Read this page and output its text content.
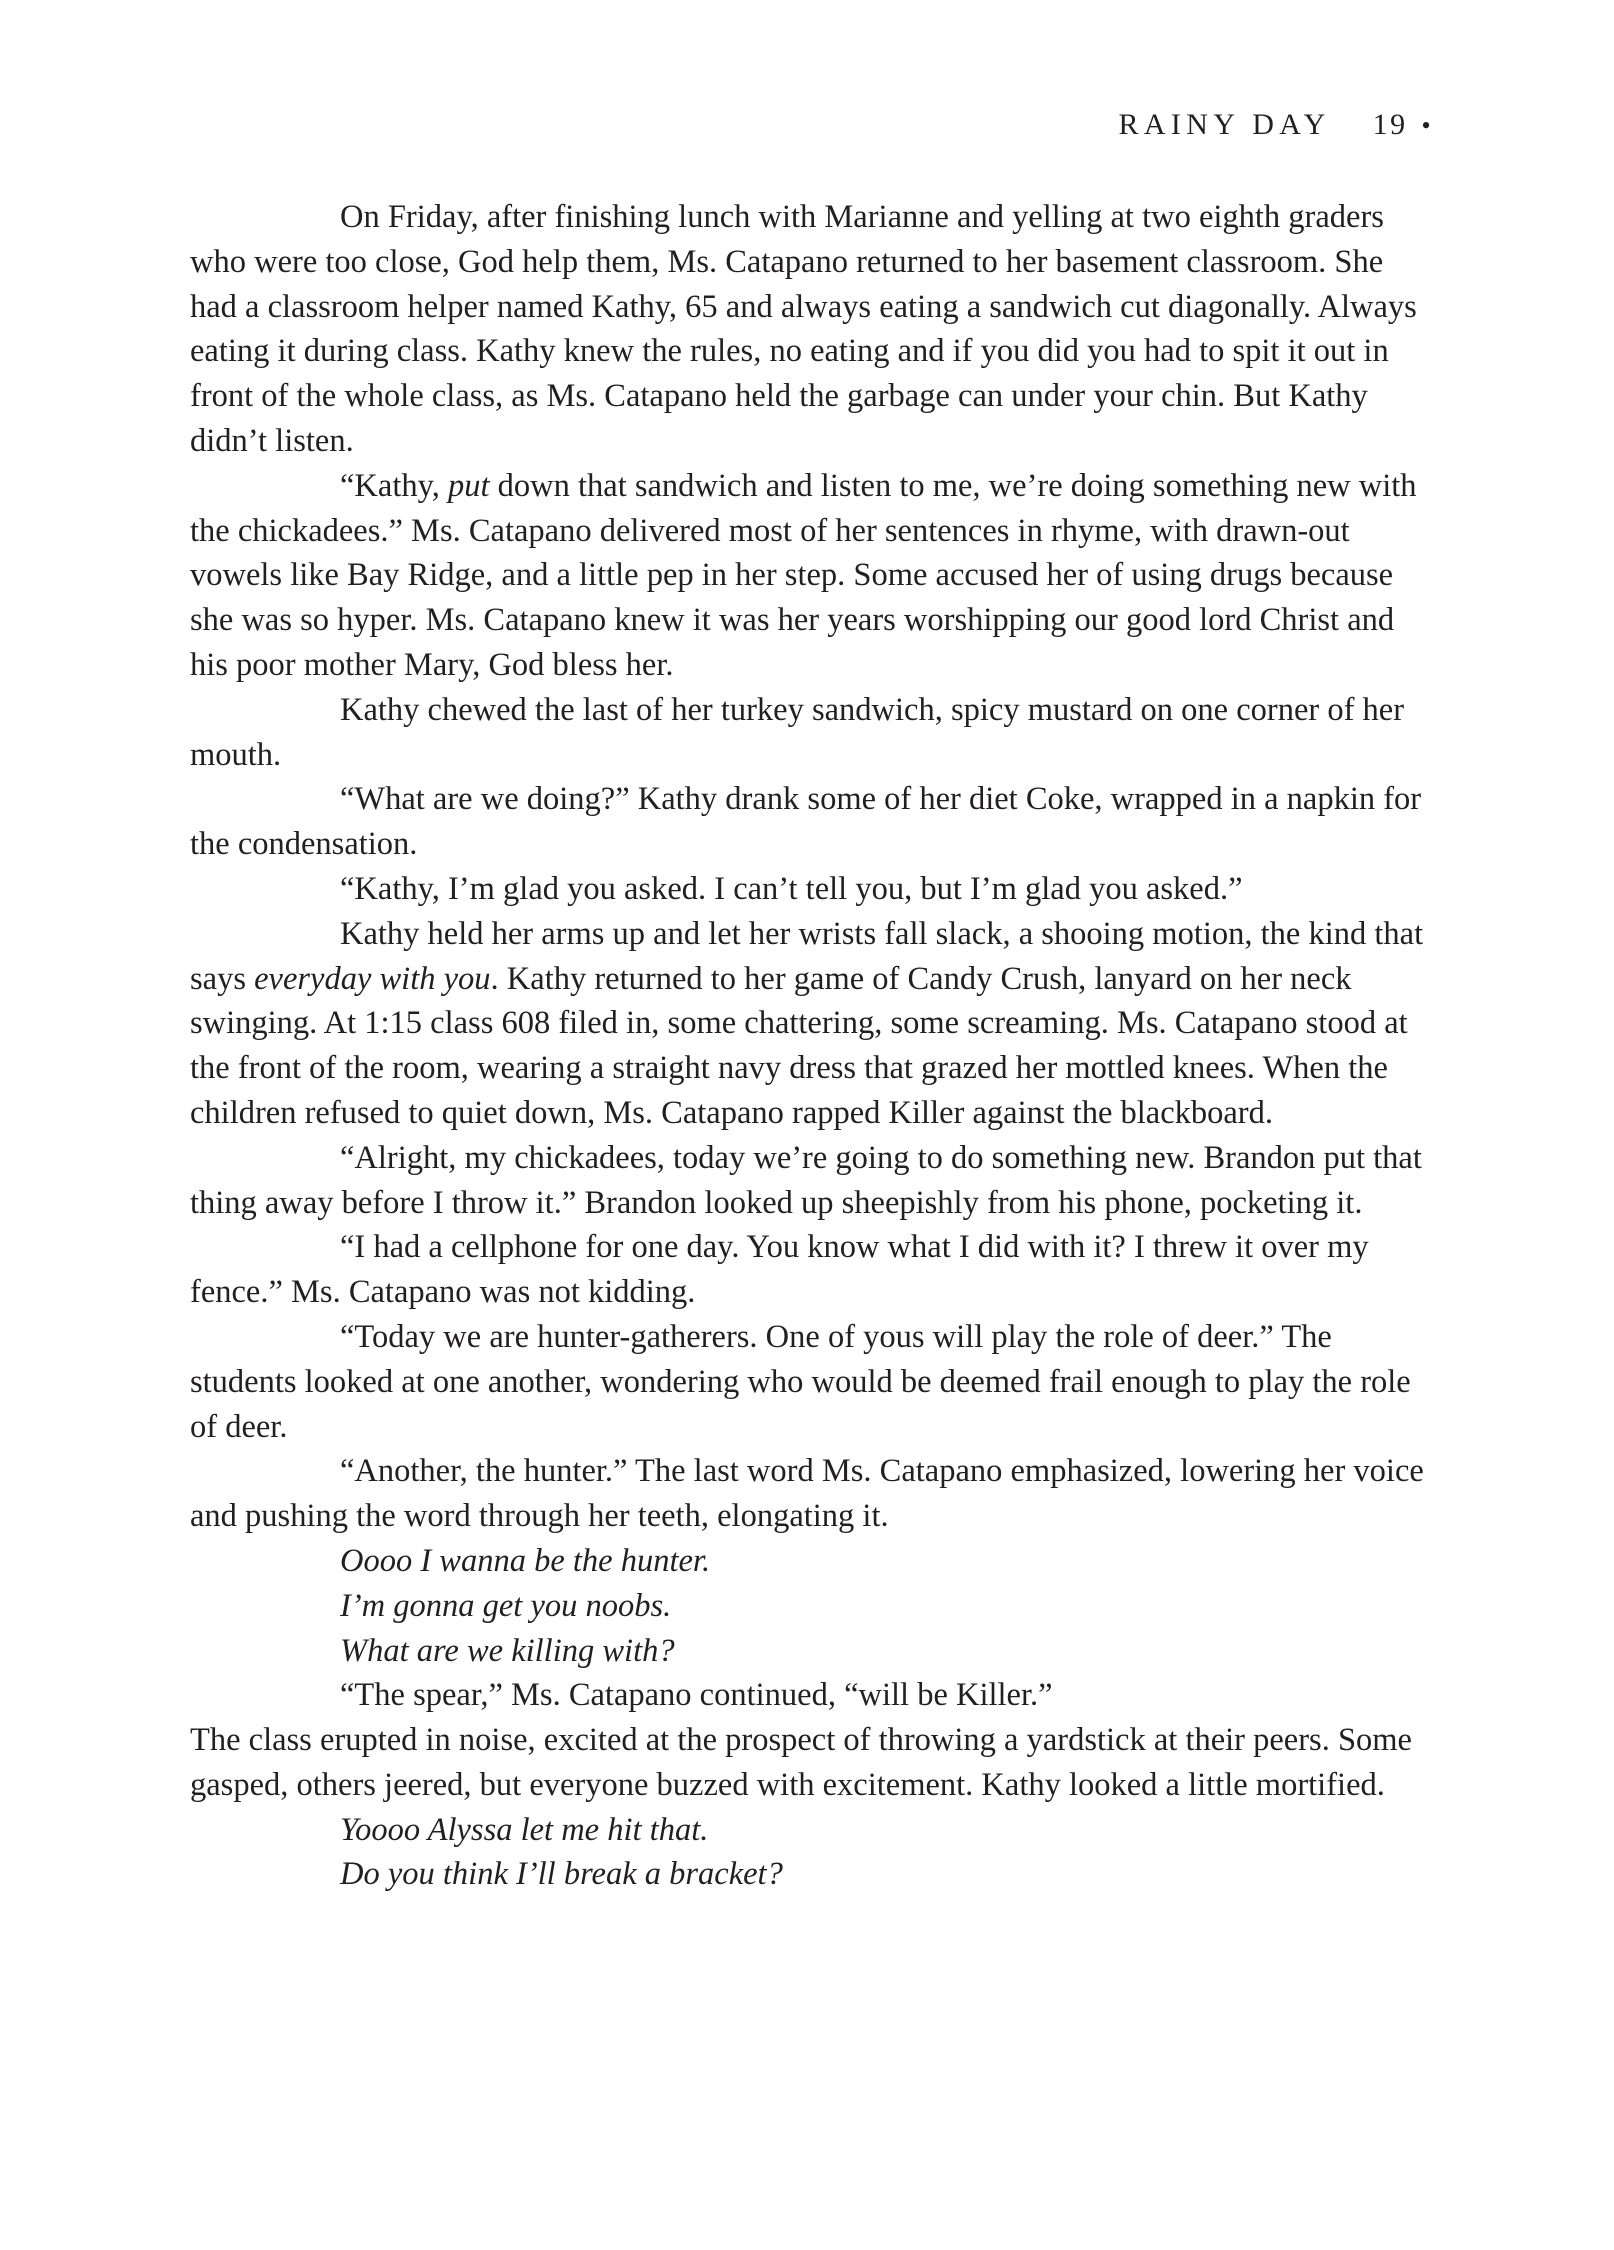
RAINY DAY 19 •

On Friday, after finishing lunch with Marianne and yelling at two eighth graders who were too close, God help them, Ms. Catapano returned to her basement classroom. She had a classroom helper named Kathy, 65 and always eating a sandwich cut diagonally. Always eating it during class. Kathy knew the rules, no eating and if you did you had to spit it out in front of the whole class, as Ms. Catapano held the garbage can under your chin. But Kathy didn’t listen.

“Kathy, put down that sandwich and listen to me, we’re doing something new with the chickadees.” Ms. Catapano delivered most of her sentences in rhyme, with drawn-out vowels like Bay Ridge, and a little pep in her step. Some accused her of using drugs because she was so hyper. Ms. Catapano knew it was her years worshipping our good lord Christ and his poor mother Mary, God bless her.

Kathy chewed the last of her turkey sandwich, spicy mustard on one corner of her mouth.

“What are we doing?” Kathy drank some of her diet Coke, wrapped in a napkin for the condensation.

“Kathy, I’m glad you asked. I can’t tell you, but I’m glad you asked.”

Kathy held her arms up and let her wrists fall slack, a shooing motion, the kind that says everyday with you. Kathy returned to her game of Candy Crush, lanyard on her neck swinging. At 1:15 class 608 filed in, some chattering, some screaming. Ms. Catapano stood at the front of the room, wearing a straight navy dress that grazed her mottled knees. When the children refused to quiet down, Ms. Catapano rapped Killer against the blackboard.

“Alright, my chickadees, today we’re going to do something new. Brandon put that thing away before I throw it.” Brandon looked up sheepishly from his phone, pocketing it.

“I had a cellphone for one day. You know what I did with it? I threw it over my fence.” Ms. Catapano was not kidding.

“Today we are hunter-gatherers. One of yous will play the role of deer.” The students looked at one another, wondering who would be deemed frail enough to play the role of deer.

“Another, the hunter.” The last word Ms. Catapano emphasized, lowering her voice and pushing the word through her teeth, elongating it.

Oooo I wanna be the hunter.

I’m gonna get you noobs.

What are we killing with?

“The spear,” Ms. Catapano continued, “will be Killer.”

The class erupted in noise, excited at the prospect of throwing a yardstick at their peers. Some gasped, others jeered, but everyone buzzed with excitement. Kathy looked a little mortified.

Yoooo Alyssa let me hit that.

Do you think I’ll break a bracket?
